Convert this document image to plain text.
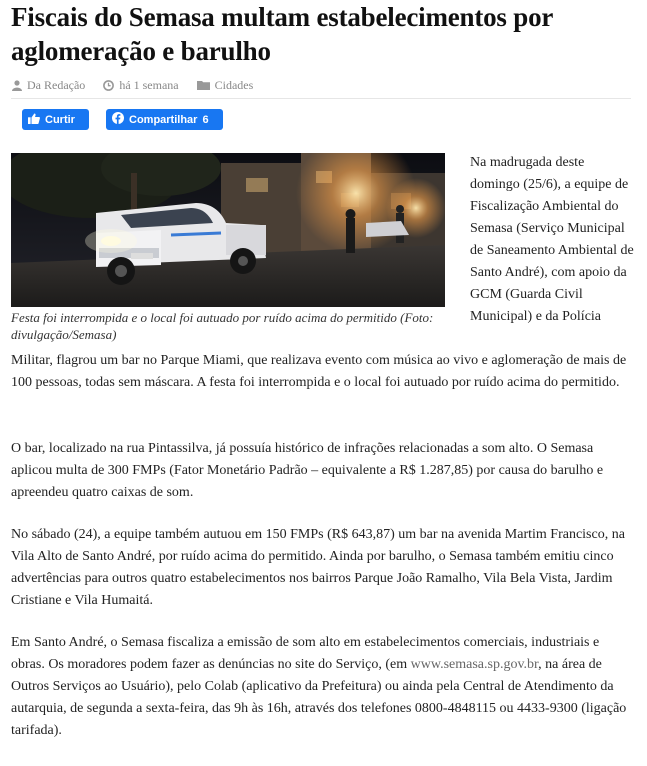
Fiscais do Semasa multam estabelecimentos por aglomeração e barulho
Da Redação	há 1 semana	Cidades
Curtir	Compartilhar 6
Festa foi interrompida e o local foi autuado por ruído acima do permitido (Foto: divulgação/Semasa)

Na madrugada deste domingo (25/6), a equipe de Fiscalização Ambiental do Semasa (Serviço Municipal de Saneamento Ambiental de Santo André), com apoio da GCM (Guarda Civil Municipal) e da Polícia

Militar, flagrou um bar no Parque Miami, que realizava evento com música ao vivo e aglomeração de mais de 100 pessoas, todas sem máscara. A festa foi interrompida e o local foi autuado por ruído acima do permitido.

O bar, localizado na rua Pintassilva, já possuía histórico de infrações relacionadas a som alto. O Semasa aplicou multa de 300 FMPs (Fator Monetário Padrão – equivalente a R$ 1.287,85) por causa do barulho e apreendeu quatro caixas de som.

No sábado (24), a equipe também autuou em 150 FMPs (R$ 643,87) um bar na avenida Martim Francisco, na Vila Alto de Santo André, por ruído acima do permitido. Ainda por barulho, o Semasa também emitiu cinco advertências para outros quatro estabelecimentos nos bairros Parque João Ramalho, Vila Bela Vista, Jardim Cristiane e Vila Humaitá.

Em Santo André, o Semasa fiscaliza a emissão de som alto em estabelecimentos comerciais, industriais e obras. Os moradores podem fazer as denúncias no site do Serviço, (em www.semasa.sp.gov.br, na área de Outros Serviços ao Usuário), pelo Colab (aplicativo da Prefeitura) ou ainda pela Central de Atendimento da autarquia, de segunda a sexta-feira, das 9h às 16h, através dos telefones 0800-4848115 ou 4433-9300 (ligação tarifada).
